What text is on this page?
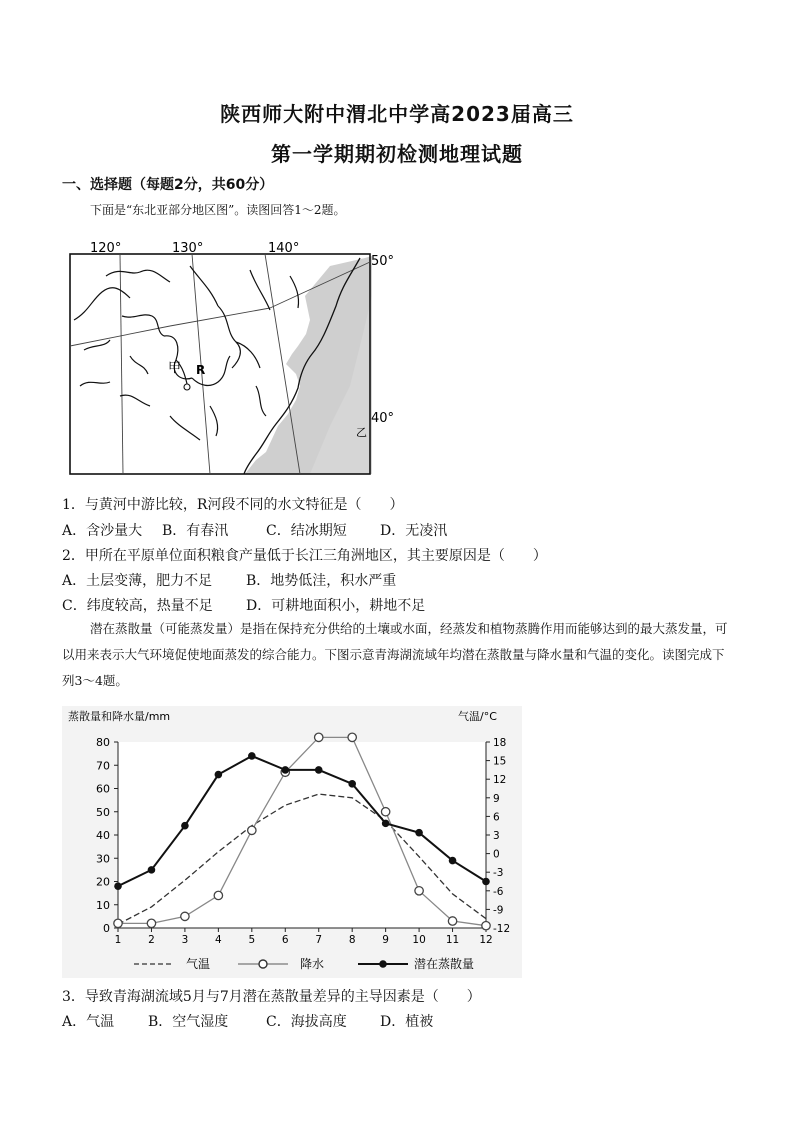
陕西师大附中渭北中学高2023届高三
第一学期期初检测地理试题
一、选择题（每题2分，共60分）
下面是“东北亚部分地区图”。读图回答1～2题。
120°	130°	140°
50°
40°
甲 R
乙
1．与黄河中游比较，R河段不同的水文特征是（　　）
A．含沙量大 B．有春汛	C．结冰期短 D．无凌汛
2．甲所在平原单位面积粮食产量低于长江三角洲地区，其主要原因是（　　）
A．土层变薄，肥力不足 B．地势低洼，积水严重
C．纬度较高，热量不足 D．可耕地面积小，耕地不足
潜在蒸散量（可能蒸发量）是指在保持充分供给的土壤或水面，经蒸发和植物蒸腾作用而能够达到的最大蒸发量，可以用来表示大气环境促使地面蒸发的综合能力。下图示意青海湖流域年均潜在蒸散量与降水量和气温的变化。读图完成下列3～4题。
蒸散量和降水量/mm	气温/°C
0
10
20
30
40
50
60
70
80
-12
-9
-6
-3
0
3
6
9
12
15
18
1	2	3	4	5	6	7	8	9 10 11 12
气温	降水	潜在蒸散量
3．导致青海湖流域5月与7月潜在蒸散量差异的主导因素是（　　）
A．气温 B．空气湿度	C．海拔高度 D．植被
